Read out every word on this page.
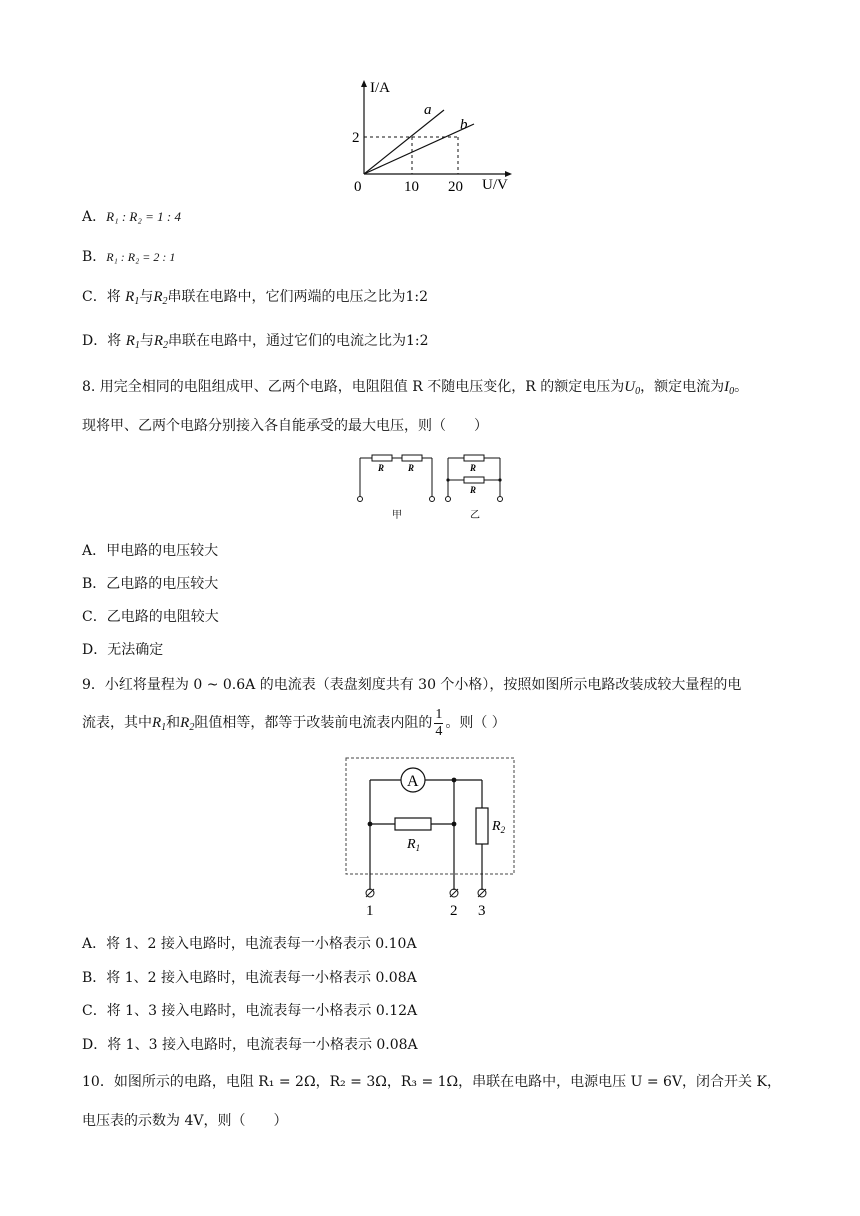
I/A
U/V
0
2
10 20
a
b
A．R₁ : R₂ = 1 : 4
B．R₁ : R₂ = 2 : 1
C．将 $R_1$与$R_2$串联在电路中，它们两端的电压之比为1:2
D．将 $R_1$与$R_2$串联在电路中，通过它们的电流之比为1:2
8. 用完全相同的电阻组成甲、乙两个电路，电阻阻值 R 不随电压变化，R 的额定电压为$U_0$，额定电流为$I_0$。
现将甲、乙两个电路分别接入各自能承受的最大电压，则（　　）
R	R	R
R
甲	乙
A．甲电路的电压较大
B．乙电路的电压较大
C．乙电路的电阻较大
D．无法确定
9．小红将量程为 0 ~ 0.6A 的电流表（表盘刻度共有 30 个小格），按照如图所示电路改装成较大量程的电
流表，其中$R_1$和$R_2$阻值相等，都等于改装前电流表内阻的 $\frac{1}{4}$ 。则（ ）
A
$R_1$
$R_2$
1	2 3
A．将 1、2 接入电路时，电流表每一小格表示 0.10A
B．将 1、2 接入电路时，电流表每一小格表示 0.08A
C．将 1、3 接入电路时，电流表每一小格表示 0.12A
D．将 1、3 接入电路时，电流表每一小格表示 0.08A
10．如图所示的电路，电阻 R₁ = 2Ω，R₂ = 3Ω，R₃ = 1Ω，串联在电路中，电源电压 U = 6V，闭合开关 K，
电压表的示数为 4V，则（　　）
